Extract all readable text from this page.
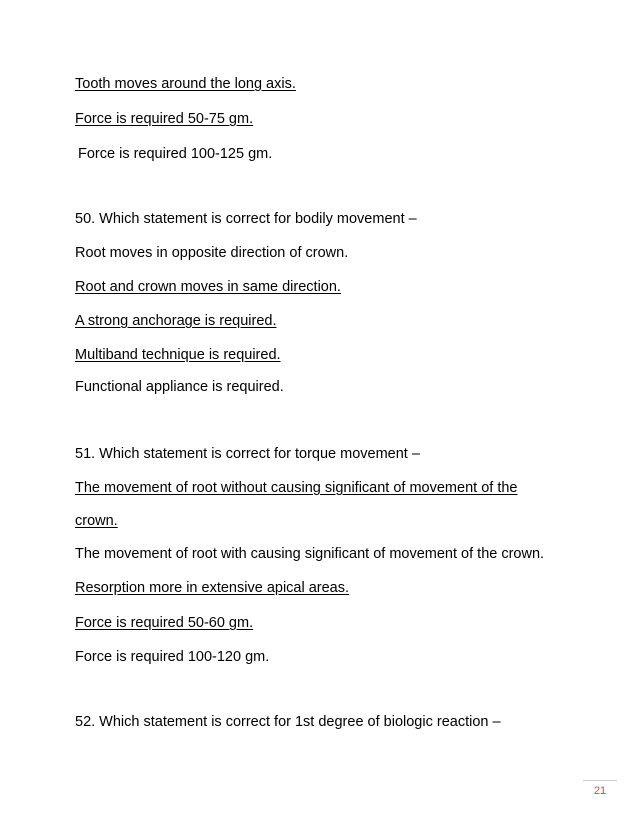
Tooth moves around the long axis.
Force is required 50-75 gm.
Force is required 100-125 gm.
50. Which statement is correct for bodily movement –
Root moves in opposite direction of crown.
Root and crown moves in same direction.
A strong anchorage is required.
Multiband technique is required.
Functional appliance is required.
51. Which statement is correct for torque movement –
The movement of root without causing significant of movement of the
crown.
The movement of root with causing significant of movement of the crown.
Resorption more in extensive apical areas.
Force is required 50-60 gm.
Force is required 100-120 gm.
52. Which statement is correct for 1st degree of biologic reaction –
21
